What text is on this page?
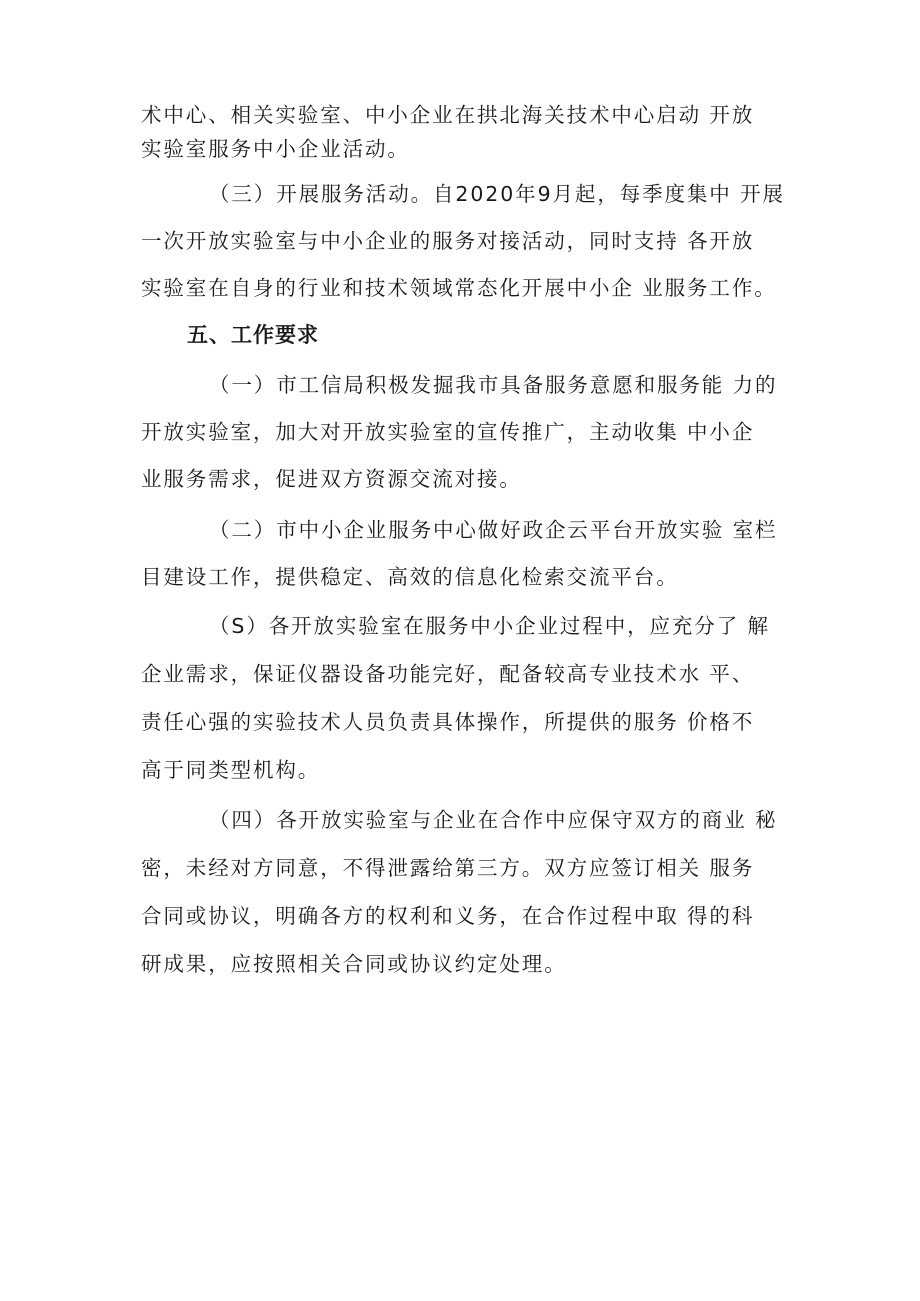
术中心、相关实验室、中小企业在拱北海关技术中心启动 开放
实验室服务中小企业活动。
（三）开展服务活动。自2020年9月起，每季度集中 开展
一次开放实验室与中小企业的服务对接活动，同时支持 各开放
实验室在自身的行业和技术领域常态化开展中小企 业服务工作。
五、工作要求
（一）市工信局积极发掘我市具备服务意愿和服务能 力的
开放实验室，加大对开放实验室的宣传推广，主动收集 中小企
业服务需求，促进双方资源交流对接。
（二）市中小企业服务中心做好政企云平台开放实验 室栏
目建设工作，提供稳定、高效的信息化检索交流平台。
（S）各开放实验室在服务中小企业过程中，应充分了 解
企业需求，保证仪器设备功能完好，配备较高专业技术水 平、
责任心强的实验技术人员负责具体操作，所提供的服务 价格不
高于同类型机构。
（四）各开放实验室与企业在合作中应保守双方的商业 秘
密，未经对方同意，不得泄露给第三方。双方应签订相关 服务
合同或协议，明确各方的权利和义务，在合作过程中取 得的科
研成果，应按照相关合同或协议约定处理。
